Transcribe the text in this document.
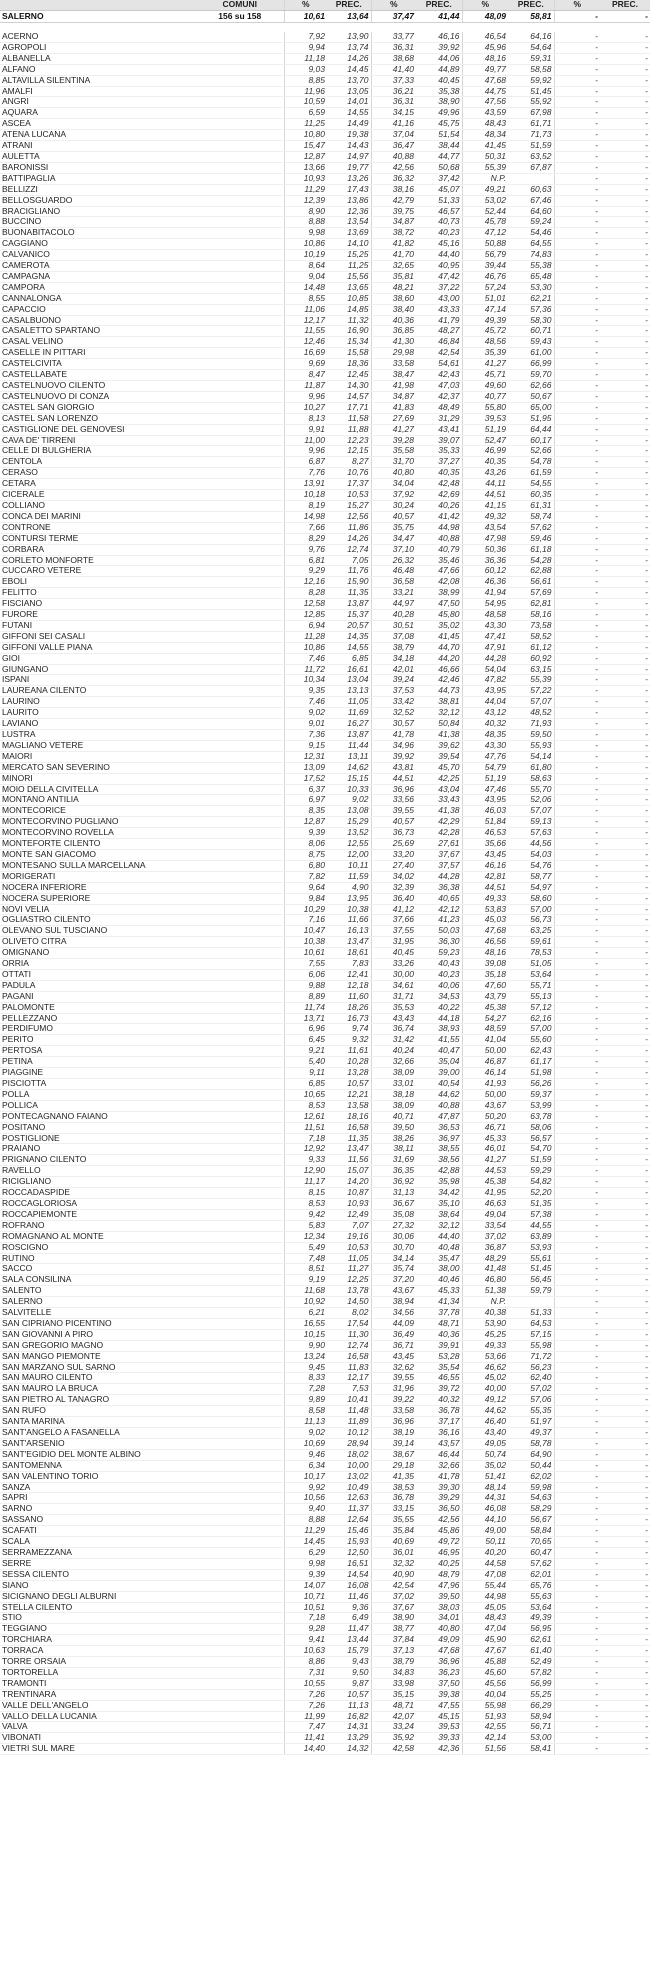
	COMUNI	%	PREC.	%	PREC.	%	PREC.	%	PREC.
SALERNO	156 su 158	10,61	13,64	37,47	41,44	48,09	58,81	-	-

ACERNO		7,92	13,90	33,77	46,16	46,54	64,16	-	-
AGROPOLI		9,94	13,74	36,31	39,92	45,96	54,64	-	-
ALBANELLA		11,18	14,26	38,68	44,06	48,16	59,31	-	-
ALFANO		9,03	14,45	41,40	44,89	49,77	58,58	-	-
ALTAVILLA SILENTINA		8,85	13,70	37,33	40,45	47,68	59,92	-	-
AMALFI		11,96	13,05	36,21	35,38	44,75	51,45	-	-
ANGRI		10,59	14,01	36,31	38,90	47,56	55,92	-	-
AQUARA		6,59	14,55	34,15	49,96	43,59	67,98	-	-
ASCEA		11,25	14,49	41,16	45,75	48,43	61,71	-	-
ATENA LUCANA		10,80	19,38	37,04	51,54	48,34	71,73	-	-
ATRANI		15,47	14,43	36,47	38,44	41,45	51,59	-	-
AULETTA		12,87	14,97	40,88	44,77	50,31	63,52	-	-
BARONISSI		13,66	19,77	42,56	50,68	55,39	67,87	-	-
BATTIPAGLIA		10,93	13,26	36,32	37,42	N.P.		-	-
BELLIZZI		11,29	17,43	38,16	45,07	49,21	60,63	-	-
BELLOSGUARDO		12,39	13,86	42,79	51,33	53,02	67,46	-	-
BRACIGLIANO		8,90	12,36	39,75	46,57	52,44	64,60	-	-
BUCCINO		8,88	13,54	34,87	40,73	45,78	59,24	-	-
BUONABITACOLO		9,98	13,69	38,72	40,23	47,12	54,46	-	-
CAGGIANO		10,86	14,10	41,82	45,16	50,88	64,55	-	-
CALVANICO		10,19	15,25	41,70	44,40	56,79	74,83	-	-
CAMEROTA		8,64	11,25	32,65	40,95	39,44	55,38	-	-
CAMPAGNA		9,04	15,56	35,81	47,42	46,76	65,48	-	-
CAMPORA		14,48	13,65	48,21	37,22	57,24	53,30	-	-
CANNALONGA		8,55	10,85	38,60	43,00	51,01	62,21	-	-
CAPACCIO		11,06	14,85	38,40	43,33	47,14	57,36	-	-
CASALBUONO		12,17	11,32	40,36	41,79	49,39	58,30	-	-
CASALETTO SPARTANO		11,55	16,90	36,85	48,27	45,72	60,71	-	-
CASAL VELINO		12,46	15,34	41,30	46,84	48,56	59,43	-	-
CASELLE IN PITTARI		16,69	15,58	29,98	42,54	35,39	61,00	-	-
CASTELCIVITA		9,69	18,36	33,58	54,61	41,27	66,99	-	-
CASTELLABATE		8,47	12,45	38,47	42,43	45,71	59,70	-	-
CASTELNUOVO CILENTO		11,87	14,30	41,98	47,03	49,60	62,66	-	-
CASTELNUOVO DI CONZA		9,96	14,57	34,87	42,37	40,77	50,67	-	-
CASTEL SAN GIORGIO		10,27	17,71	41,83	48,49	55,80	65,00	-	-
CASTEL SAN LORENZO		8,13	11,58	27,69	31,29	39,53	51,95	-	-
CASTIGLIONE DEL GENOVESI		9,91	11,88	41,27	43,41	51,19	64,44	-	-
CAVA DE' TIRRENI		11,00	12,23	39,28	39,07	52,47	60,17	-	-
CELLE DI BULGHERIA		9,96	12,15	35,58	35,33	46,99	52,66	-	-
CENTOLA		6,87	8,27	31,70	37,27	40,35	54,78	-	-
CERASO		7,76	10,76	40,80	40,35	43,26	61,59	-	-
CETARA		13,91	17,37	34,04	42,48	44,11	54,55	-	-
CICERALE		10,18	10,53	37,92	42,69	44,51	60,35	-	-
COLLIANO		8,19	15,27	30,24	40,26	41,15	61,31	-	-
CONCA DEI MARINI		14,98	12,56	40,57	41,42	49,32	58,74	-	-
CONTRONE		7,66	11,86	35,75	44,98	43,54	57,62	-	-
CONTURSI TERME		8,29	14,26	34,47	40,88	47,98	59,46	-	-
CORBARA		9,76	12,74	37,10	40,79	50,36	61,18	-	-
CORLETO MONFORTE		6,81	7,05	26,32	35,46	36,36	54,28	-	-
CUCCARO VETERE		9,29	11,76	46,48	47,66	60,12	62,88	-	-
EBOLI		12,16	15,90	36,58	42,08	46,36	56,61	-	-
FELITTO		8,28	11,35	33,21	38,99	41,94	57,69	-	-
FISCIANO		12,58	13,87	44,97	47,50	54,95	62,81	-	-
FURORE		12,85	15,37	40,28	45,80	48,58	58,16	-	-
FUTANI		6,94	20,57	30,51	35,02	43,30	73,58	-	-
GIFFONI SEI CASALI		11,28	14,35	37,08	41,45	47,41	58,52	-	-
GIFFONI VALLE PIANA		10,86	14,55	38,79	44,70	47,91	61,12	-	-
GIOI		7,46	6,85	34,18	44,20	44,28	60,92	-	-
GIUNGANO		11,72	16,61	42,01	46,66	54,04	63,15	-	-
ISPANI		10,34	13,04	39,24	42,46	47,82	55,39	-	-
LAUREANA CILENTO		9,35	13,13	37,53	44,73	43,95	57,22	-	-
LAURINO		7,46	11,05	33,42	38,81	44,04	57,07	-	-
LAURITO		9,02	11,69	32,52	32,12	43,12	48,52	-	-
LAVIANO		9,01	16,27	30,57	50,84	40,32	71,93	-	-
LUSTRA		7,36	13,87	41,78	41,38	48,35	59,50	-	-
MAGLIANO VETERE		9,15	11,44	34,96	39,62	43,30	55,93	-	-
MAIORI		12,31	13,11	39,92	39,54	47,76	54,14	-	-
MERCATO SAN SEVERINO		13,09	14,62	43,81	45,70	54,79	61,80	-	-
MINORI		17,52	15,15	44,51	42,25	51,19	58,63	-	-
MOIO DELLA CIVITELLA		6,37	10,33	36,96	43,04	47,46	55,70	-	-
MONTANO ANTILIA		6,97	9,02	33,56	33,43	43,95	52,06	-	-
MONTECORICE		8,35	13,08	39,55	41,38	46,03	57,07	-	-
MONTECORVINO PUGLIANO		12,87	15,29	40,57	42,29	51,84	59,13	-	-
MONTECORVINO ROVELLA		9,39	13,52	36,73	42,28	46,53	57,63	-	-
MONTEFORTE CILENTO		8,06	12,55	25,69	27,61	35,66	44,56	-	-
MONTE SAN GIACOMO		8,75	12,00	33,20	37,67	43,45	54,03	-	-
MONTESANO SULLA MARCELLANA		6,80	10,11	27,40	37,57	46,16	54,76	-	-
MORIGERATI		7,82	11,59	34,02	44,28	42,81	58,77	-	-
NOCERA INFERIORE		9,64	4,90	32,39	36,38	44,51	54,97	-	-
NOCERA SUPERIORE		9,84	13,95	36,40	40,65	49,33	58,60	-	-
NOVI VELIA		10,29	10,38	41,12	42,12	53,83	57,00	-	-
OGLIASTRO CILENTO		7,16	11,66	37,66	41,23	45,03	56,73	-	-
OLEVANO SUL TUSCIANO		10,47	16,13	37,55	50,03	47,68	63,25	-	-
OLIVETO CITRA		10,38	13,47	31,95	36,30	46,56	59,61	-	-
OMIGNANO		10,61	18,61	40,45	59,23	48,16	78,53	-	-
ORRIA		7,55	7,83	33,26	40,43	39,08	51,05	-	-
OTTATI		6,06	12,41	30,00	40,23	35,18	53,64	-	-
PADULA		9,88	12,18	34,61	40,06	47,60	55,71	-	-
PAGANI		8,89	11,60	31,71	34,53	43,79	55,13	-	-
PALOMONTE		11,74	18,26	35,53	40,22	45,38	57,12	-	-
PELLEZZANO		13,71	16,73	43,43	44,18	54,27	62,16	-	-
PERDIFUMO		6,96	9,74	36,74	38,93	48,59	57,00	-	-
PERITO		6,45	9,32	31,42	41,55	41,04	55,60	-	-
PERTOSA		9,21	11,61	40,24	40,47	50,00	62,43	-	-
PETINA		5,40	10,28	32,66	35,04	46,87	61,17	-	-
PIAGGINE		9,11	13,28	38,09	39,00	46,14	51,98	-	-
PISCIOTTA		6,85	10,57	33,01	40,54	41,93	56,26	-	-
POLLA		10,65	12,21	38,18	44,62	50,00	59,37	-	-
POLLICA		8,53	13,58	38,09	40,88	43,67	53,99	-	-
PONTECAGNANO FAIANO		12,61	18,16	40,71	47,87	50,20	63,78	-	-
POSITANO		11,51	16,58	39,50	36,53	46,71	58,06	-	-
POSTIGLIONE		7,18	11,35	38,26	36,97	45,33	56,57	-	-
PRAIANO		12,92	13,47	38,11	38,55	46,01	54,70	-	-
PRIGNANO CILENTO		9,33	11,56	31,69	38,56	41,27	51,59	-	-
RAVELLO		12,90	15,07	36,35	42,88	44,53	59,29	-	-
RICIGLIANO		11,17	14,20	36,92	35,98	45,38	54,82	-	-
ROCCADASPIDE		8,15	10,87	31,13	34,42	41,95	52,20	-	-
ROCCAGLORIOSA		8,53	10,93	36,67	35,10	46,63	51,35	-	-
ROCCAPIEMONTE		9,42	12,49	35,08	38,64	49,04	57,38	-	-
ROFRANO		5,83	7,07	27,32	32,12	33,54	44,55	-	-
ROMAGNANO AL MONTE		12,34	19,16	30,06	44,40	37,02	63,89	-	-
ROSCIGNO		5,49	10,53	30,70	40,48	36,87	53,93	-	-
RUTINO		7,48	11,05	34,14	35,47	48,29	55,61	-	-
SACCO		8,51	11,27	35,74	38,00	41,48	51,45	-	-
SALA CONSILINA		9,19	12,25	37,20	40,46	46,80	56,45	-	-
SALENTO		11,68	13,78	43,67	45,33	51,38	59,79	-	-
SALERNO		10,92	14,50	38,94	41,34	N.P.		-	-
SALVITELLE		6,21	8,02	34,56	37,78	40,38	51,33	-	-
SAN CIPRIANO PICENTINO		16,55	17,54	44,09	48,71	53,90	64,53	-	-
SAN GIOVANNI A PIRO		10,15	11,30	36,49	40,36	45,25	57,15	-	-
SAN GREGORIO MAGNO		9,90	12,74	36,71	39,91	49,33	55,98	-	-
SAN MANGO PIEMONTE		13,24	16,58	43,45	53,28	53,66	71,72	-	-
SAN MARZANO SUL SARNO		9,45	11,83	32,62	35,54	46,62	56,23	-	-
SAN MAURO CILENTO		8,33	12,17	39,55	46,55	45,02	62,40	-	-
SAN MAURO LA BRUCA		7,28	7,53	31,96	39,72	40,00	57,02	-	-
SAN PIETRO AL TANAGRO		9,89	10,41	39,22	40,32	49,12	57,06	-	-
SAN RUFO		8,58	11,48	33,58	36,78	44,62	55,35	-	-
SANTA MARINA		11,13	11,89	36,96	37,17	46,40	51,97	-	-
SANT'ANGELO A FASANELLA		9,02	10,12	38,19	36,16	43,40	49,37	-	-
SANT'ARSENIO		10,69	28,94	39,14	43,57	49,05	58,78	-	-
SANT'EGIDIO DEL MONTE ALBINO		9,46	18,02	38,67	46,44	50,74	64,90	-	-
SANTOMENNA		6,34	10,00	29,18	32,66	35,02	50,44	-	-
SAN VALENTINO TORIO		10,17	13,02	41,35	41,78	51,41	62,02	-	-
SANZA		9,92	10,49	38,53	39,30	48,14	59,98	-	-
SAPRI		10,56	12,63	36,78	39,29	44,31	54,63	-	-
SARNO		9,40	11,37	33,15	36,50	46,08	58,29	-	-
SASSANO		8,88	12,64	35,55	42,56	44,10	56,67	-	-
SCAFATI		11,29	15,46	35,84	45,86	49,00	58,84	-	-
SCALA		14,45	15,93	40,69	49,72	50,11	70,65	-	-
SERRAMEZZANA		6,29	12,50	36,01	46,95	40,20	60,47	-	-
SERRE		9,98	16,51	32,32	40,25	44,58	57,62	-	-
SESSA CILENTO		9,39	14,54	40,90	48,79	47,08	62,01	-	-
SIANO		14,07	16,08	42,54	47,96	55,44	65,76	-	-
SICIGNANO DEGLI ALBURNI		10,71	11,46	37,02	39,50	44,98	55,63	-	-
STELLA CILENTO		10,51	9,36	37,67	38,03	45,05	53,64	-	-
STIO		7,18	6,49	38,90	34,01	48,43	49,39	-	-
TEGGIANO		9,28	11,47	38,77	40,80	47,04	56,95	-	-
TORCHIARA		9,41	13,44	37,84	49,09	45,90	62,61	-	-
TORRACA		10,63	15,79	37,13	47,68	47,67	61,40	-	-
TORRE ORSAIA		8,86	9,43	38,79	36,96	45,88	52,49	-	-
TORTORELLA		7,31	9,50	34,83	36,23	45,60	57,82	-	-
TRAMONTI		10,55	9,87	33,98	37,50	45,56	56,99	-	-
TRENTINARA		7,26	10,57	35,15	39,38	40,04	55,25	-	-
VALLE DELL'ANGELO		7,26	11,13	48,71	47,55	55,98	66,29	-	-
VALLO DELLA LUCANIA		11,99	16,82	42,07	45,15	51,93	58,94	-	-
VALVA		7,47	14,31	33,24	39,53	42,55	56,71	-	-
VIBONATI		11,41	13,29	35,92	39,33	42,14	53,00	-	-
VIETRI SUL MARE		14,40	14,32	42,58	42,36	51,56	58,41	-	-
